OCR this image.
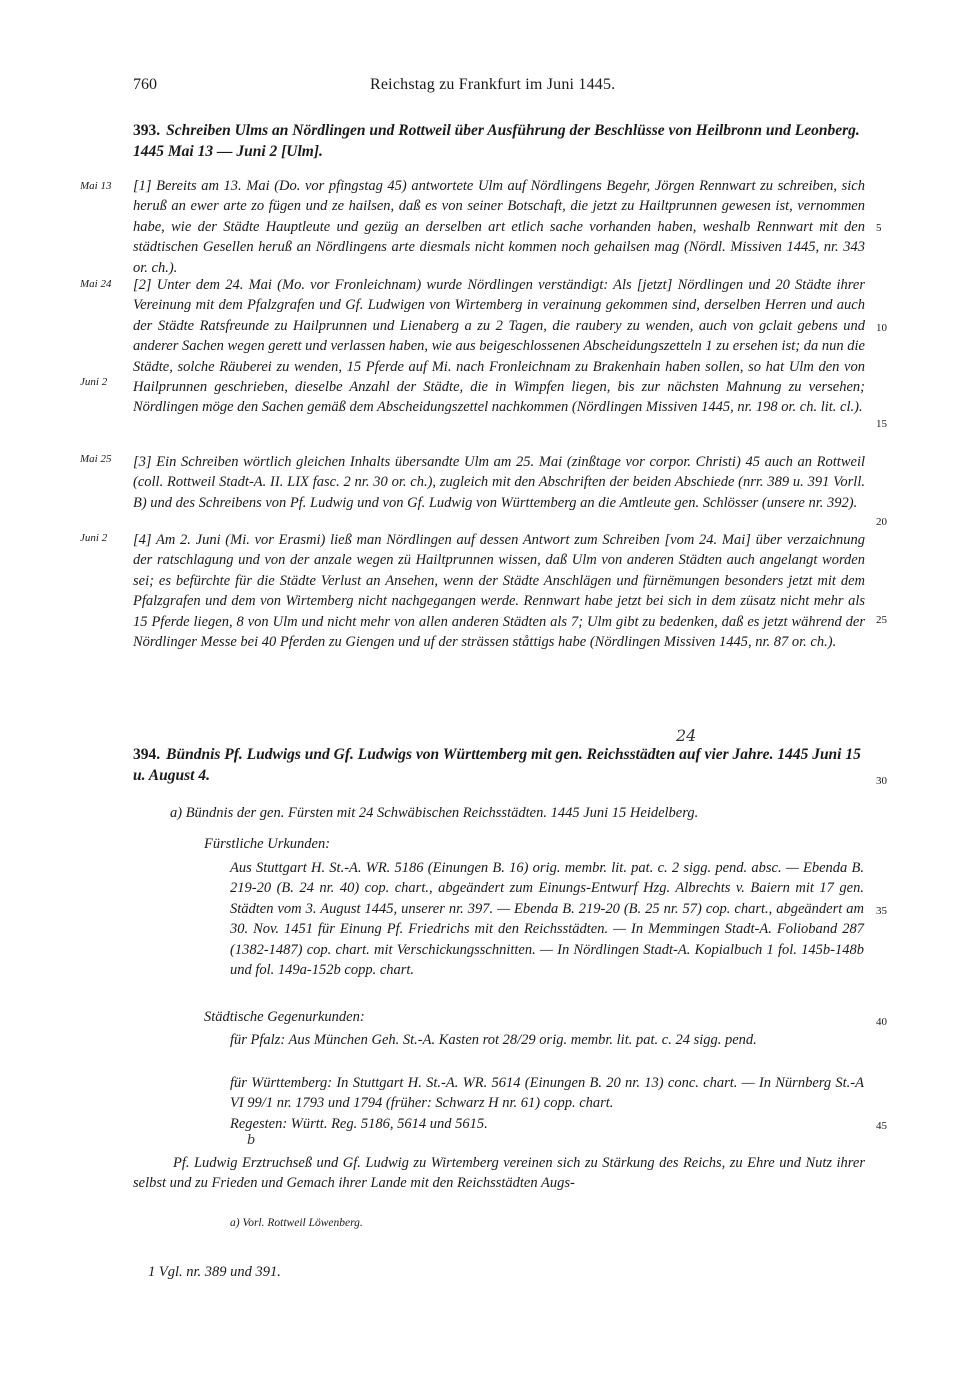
760	Reichstag zu Frankfurt im Juni 1445.
393. Schreiben Ulms an Nördlingen und Rottweil über Ausführung der Beschlüsse von Heilbronn und Leonberg. 1445 Mai 13 — Juni 2 [Ulm].
Mai 13
Mai 24
Juni 2
Mai 25
Juni 2
[1] Bereits am 13. Mai (Do. vor pfingstag 45) antwortete Ulm auf Nördlingens Begehr, Jörgen Rennwart zu schreiben, sich heruß an ewer arte zo fügen und ze hailsen, daß es von seiner Botschaft, die jetzt zu Hailtprunnen gewesen ist, vernommen habe, wie der Städte Hauptleute und gezüg an derselben art etlich sache vorhanden haben, weshalb Rennwart mit den städtischen Gesellen heruß an Nördlingens arte diesmals nicht kommen noch gehailsen mag (Nördl. Missiven 1445, nr. 343 or. ch.).
[2] Unter dem 24. Mai (Mo. vor Fronleichnam) wurde Nördlingen verständigt: Als [jetzt] Nördlingen und 20 Städte ihrer Vereinung mit dem Pfalzgrafen und Gf. Ludwigen von Wirtemberg in verainung gekommen sind, derselben Herren und auch der Städte Ratsfreunde zu Hailprunnen und Lienaberg a zu 2 Tagen, die raubery zu wenden, auch von gclait gebens und anderer Sachen wegen gerett und verlassen haben, wie aus beigeschlossenen Abscheidungszetteln 1 zu ersehen ist; da nun die Städte, solche Räuberei zu wenden, 15 Pferde auf Mi. nach Fronleichnam zu Brakenhain haben sollen, so hat Ulm den von Hailprunnen geschrieben, dieselbe Anzahl der Städte, die in Wimpfen liegen, bis zur nächsten Mahnung zu versehen; Nördlingen möge den Sachen gemäß dem Abscheidungszettel nachkommen (Nördlingen Missiven 1445, nr. 198 or. ch. lit. cl.).
[3] Ein Schreiben wörtlich gleichen Inhalts übersandte Ulm am 25. Mai (zinßtage vor corpor. Christi) 45 auch an Rottweil (coll. Rottweil Stadt-A. II. LIX fasc. 2 nr. 30 or. ch.), zugleich mit den Abschriften der beiden Abschiede (nrr. 389 u. 391 Vorll. B) und des Schreibens von Pf. Ludwig und von Gf. Ludwig von Württemberg an die Amtleute gen. Schlösser (unsere nr. 392).
[4] Am 2. Juni (Mi. vor Erasmi) ließ man Nördlingen auf dessen Antwort zum Schreiben [vom 24. Mai] über verzaichnung der ratschlagung und von der anzale wegen zü Hailtprunnen wissen, daß Ulm von anderen Städten auch angelangt worden sei; es befürchte für die Städte Verlust an Ansehen, wenn der Städte Anschlägen und fürnëmungen besonders jetzt mit dem Pfalzgrafen und dem von Wirtemberg nicht nachgegangen werde. Rennwart habe jetzt bei sich in dem züsatz nicht mehr als 15 Pferde liegen, 8 von Ulm und nicht mehr von allen anderen Städten als 7; Ulm gibt zu bedenken, daß es jetzt während der Nördlinger Messe bei 40 Pferden zu Giengen und uf der strässen ståttigs habe (Nördlingen Missiven 1445, nr. 87 or. ch.).
5
10
15
20
25
30
35
40
45
24
394. Bündnis Pf. Ludwigs und Gf. Ludwigs von Württemberg mit gen. Reichsstädten auf vier Jahre. 1445 Juni 15 u. August 4.
a) Bündnis der gen. Fürsten mit 24 Schwäbischen Reichsstädten. 1445 Juni 15 Heidelberg.
Fürstliche Urkunden:
Aus Stuttgart H. St.-A. WR. 5186 (Einungen B. 16) orig. membr. lit. pat. c. 2 sigg. pend. absc. — Ebenda B. 219-20 (B. 24 nr. 40) cop. chart., abgeändert zum Einungs-Entwurf Hzg. Albrechts v. Baiern mit 17 gen. Städten vom 3. August 1445, unserer nr. 397. — Ebenda B. 219-20 (B. 25 nr. 57) cop. chart., abgeändert am 30. Nov. 1451 für Einung Pf. Friedrichs mit den Reichsstädten. — In Memmingen Stadt-A. Folioband 287 (1382-1487) cop. chart. mit Verschickungsschnitten. — In Nördlingen Stadt-A. Kopialbuch 1 fol. 145b-148b und fol. 149a-152b copp. chart.
Städtische Gegenurkunden:
für Pfalz: Aus München Geh. St.-A. Kasten rot 28/29 orig. membr. lit. pat. c. 24 sigg. pend.
für Württemberg: In Stuttgart H. St.-A. WR. 5614 (Einungen B. 20 nr. 13) conc. chart. — In Nürnberg St.-A VI 99/1 nr. 1793 und 1794 (früher: Schwarz H nr. 61) copp. chart.
Regesten: Württ. Reg. 5186, 5614 und 5615.
b
Pf. Ludwig Erztruchseß und Gf. Ludwig zu Wirtemberg vereinen sich zu Stärkung des Reichs, zu Ehre und Nutz ihrer selbst und zu Frieden und Gemach ihrer Lande mit den Reichsstädten Augs-
a) Vorl. Rottweil Löwenberg.
1 Vgl. nr. 389 und 391.
